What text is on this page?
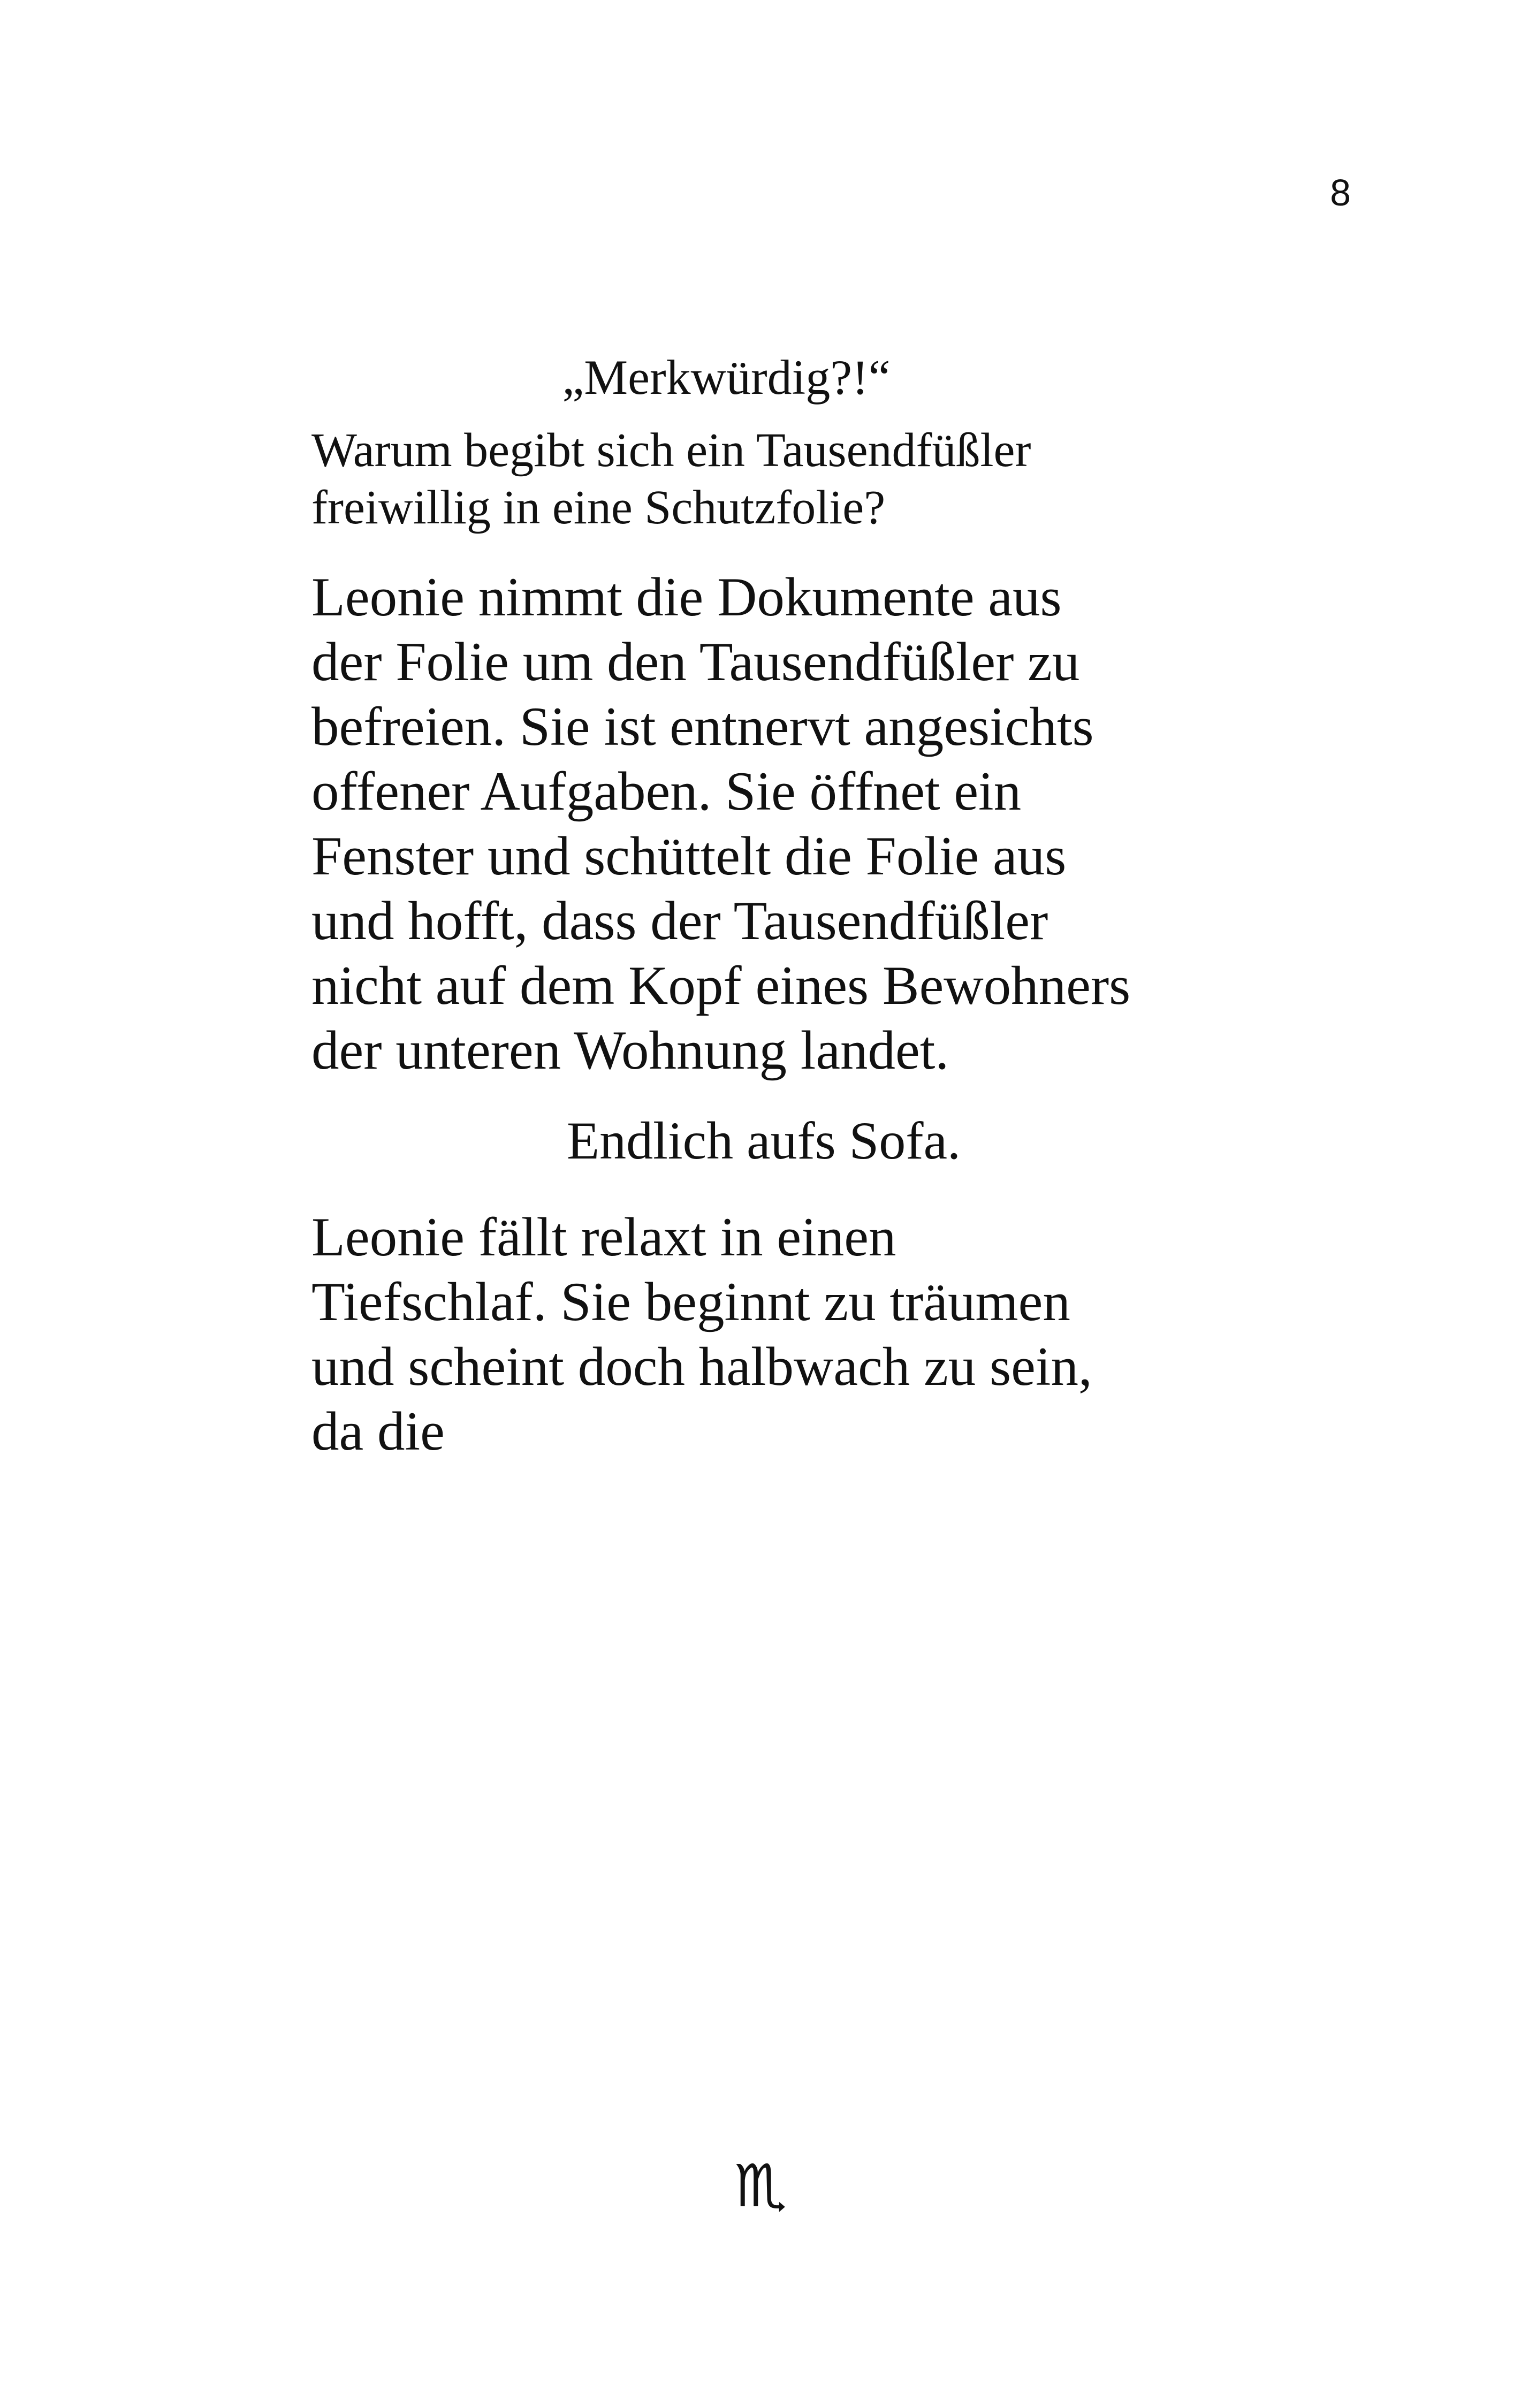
8
„Merkwürdig?!“
Warum begibt sich ein Tausendfüßler
freiwillig in eine Schutzfolie?
Leonie nimmt die Dokumente aus
der Folie um den Tausendfüßler zu
befreien. Sie ist entnervt angesichts
offener Aufgaben. Sie öffnet ein
Fenster und schüttelt die Folie aus
und hofft, dass der Tausendfüßler
nicht auf dem Kopf eines Bewohners
der unteren Wohnung landet.
Endlich aufs Sofa.
Leonie fällt relaxt in einen
Tiefschlaf. Sie beginnt zu träumen
und scheint doch halbwach zu sein,
da die
♏
